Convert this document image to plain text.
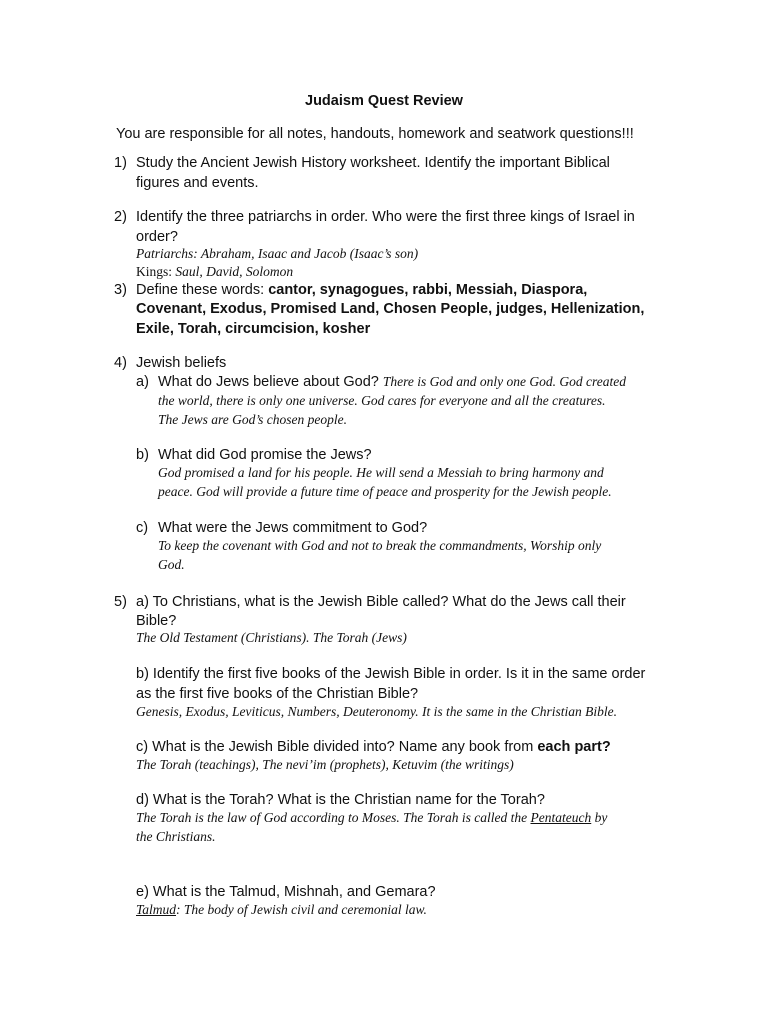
Judaism Quest Review
You are responsible for all notes, handouts, homework and seatwork questions!!!
1) Study the Ancient Jewish History worksheet. Identify the important Biblical
figures and events.
2) Identify the three patriarchs in order. Who were the first three kings of Israel in
order?
Patriarchs: Abraham, Isaac and Jacob (Isaac’s son)
Kings: Saul, David, Solomon
3) Define these words: cantor, synagogues, rabbi, Messiah, Diaspora,
Covenant, Exodus, Promised Land, Chosen People, judges, Hellenization,
Exile, Torah, circumcision, kosher
4) Jewish beliefs
a) What do Jews believe about God? There is God and only one God. God created
the world, there is only one universe. God cares for everyone and all the creatures.
The Jews are God’s chosen people.
b) What did God promise the Jews?
God promised a land for his people. He will send a Messiah to bring harmony and
peace. God will provide a future time of peace and prosperity for the Jewish people.
c) What were the Jews commitment to God?
To keep the covenant with God and not to break the commandments, Worship only
God.
5) a) To Christians, what is the Jewish Bible called? What do the Jews call their
Bible?
The Old Testament (Christians). The Torah (Jews)
b) Identify the first five books of the Jewish Bible in order. Is it in the same order
as the first five books of the Christian Bible?
Genesis, Exodus, Leviticus, Numbers, Deuteronomy. It is the same in the Christian Bible.
c) What is the Jewish Bible divided into? Name any book from each part?
The Torah (teachings), The nevi’im (prophets), Ketuvim (the writings)
d) What is the Torah? What is the Christian name for the Torah?
The Torah is the law of God according to Moses. The Torah is called the Pentateuch by
the Christians.
e) What is the Talmud, Mishnah, and Gemara?
Talmud: The body of Jewish civil and ceremonial law.
